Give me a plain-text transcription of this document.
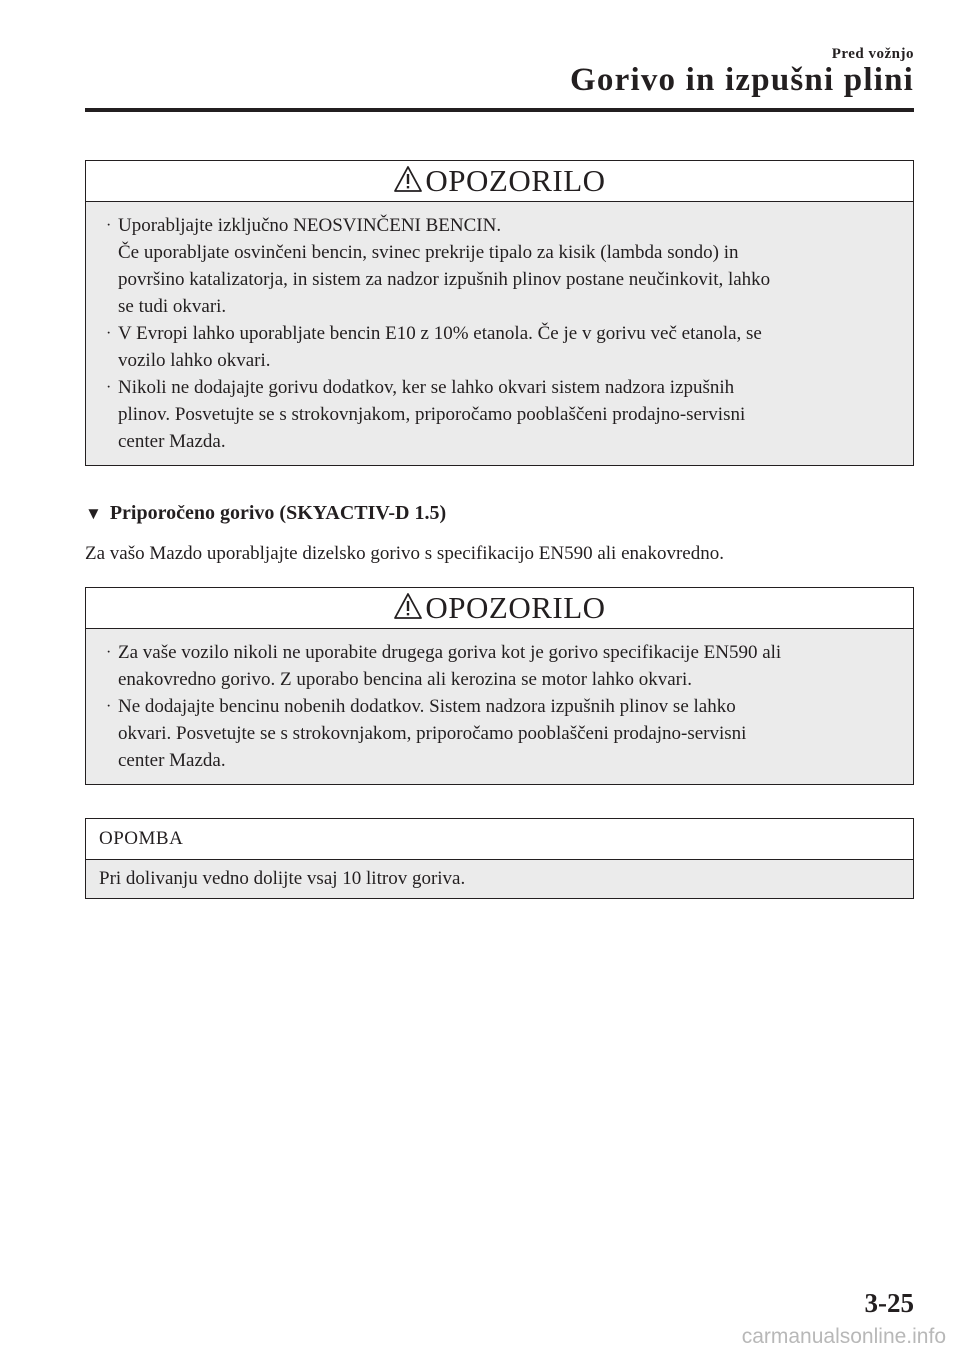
Pred vožnjo
Gorivo in izpušni plini
OPOZORILO
· Uporabljajte izključno NEOSVINČENI BENCIN.
Če uporabljate osvinčeni bencin, svinec prekrije tipalo za kisik (lambda sondo) in
površino katalizatorja, in sistem za nadzor izpušnih plinov postane neučinkovit, lahko
se tudi okvari.
· V Evropi lahko uporabljate bencin E10 z 10% etanola. Če je v gorivu več etanola, se
vozilo lahko okvari.
· Nikoli ne dodajajte gorivu dodatkov, ker se lahko okvari sistem nadzora izpušnih
plinov. Posvetujte se s strokovnjakom, priporočamo pooblaščeni prodajno-servisni
center Mazda.
▼ Priporočeno gorivo (SKYACTIV-D 1.5)
Za vašo Mazdo uporabljajte dizelsko gorivo s specifikacijo EN590 ali enakovredno.
OPOZORILO
· Za vaše vozilo nikoli ne uporabite drugega goriva kot je gorivo specifikacije EN590 ali
enakovredno gorivo. Z uporabo bencina ali kerozina se motor lahko okvari.
· Ne dodajajte bencinu nobenih dodatkov. Sistem nadzora izpušnih plinov se lahko
okvari. Posvetujte se s strokovnjakom, priporočamo pooblaščeni prodajno-servisni
center Mazda.
OPOMBA
Pri dolivanju vedno dolijte vsaj 10 litrov goriva.
3-25
carmanualsonline.info
